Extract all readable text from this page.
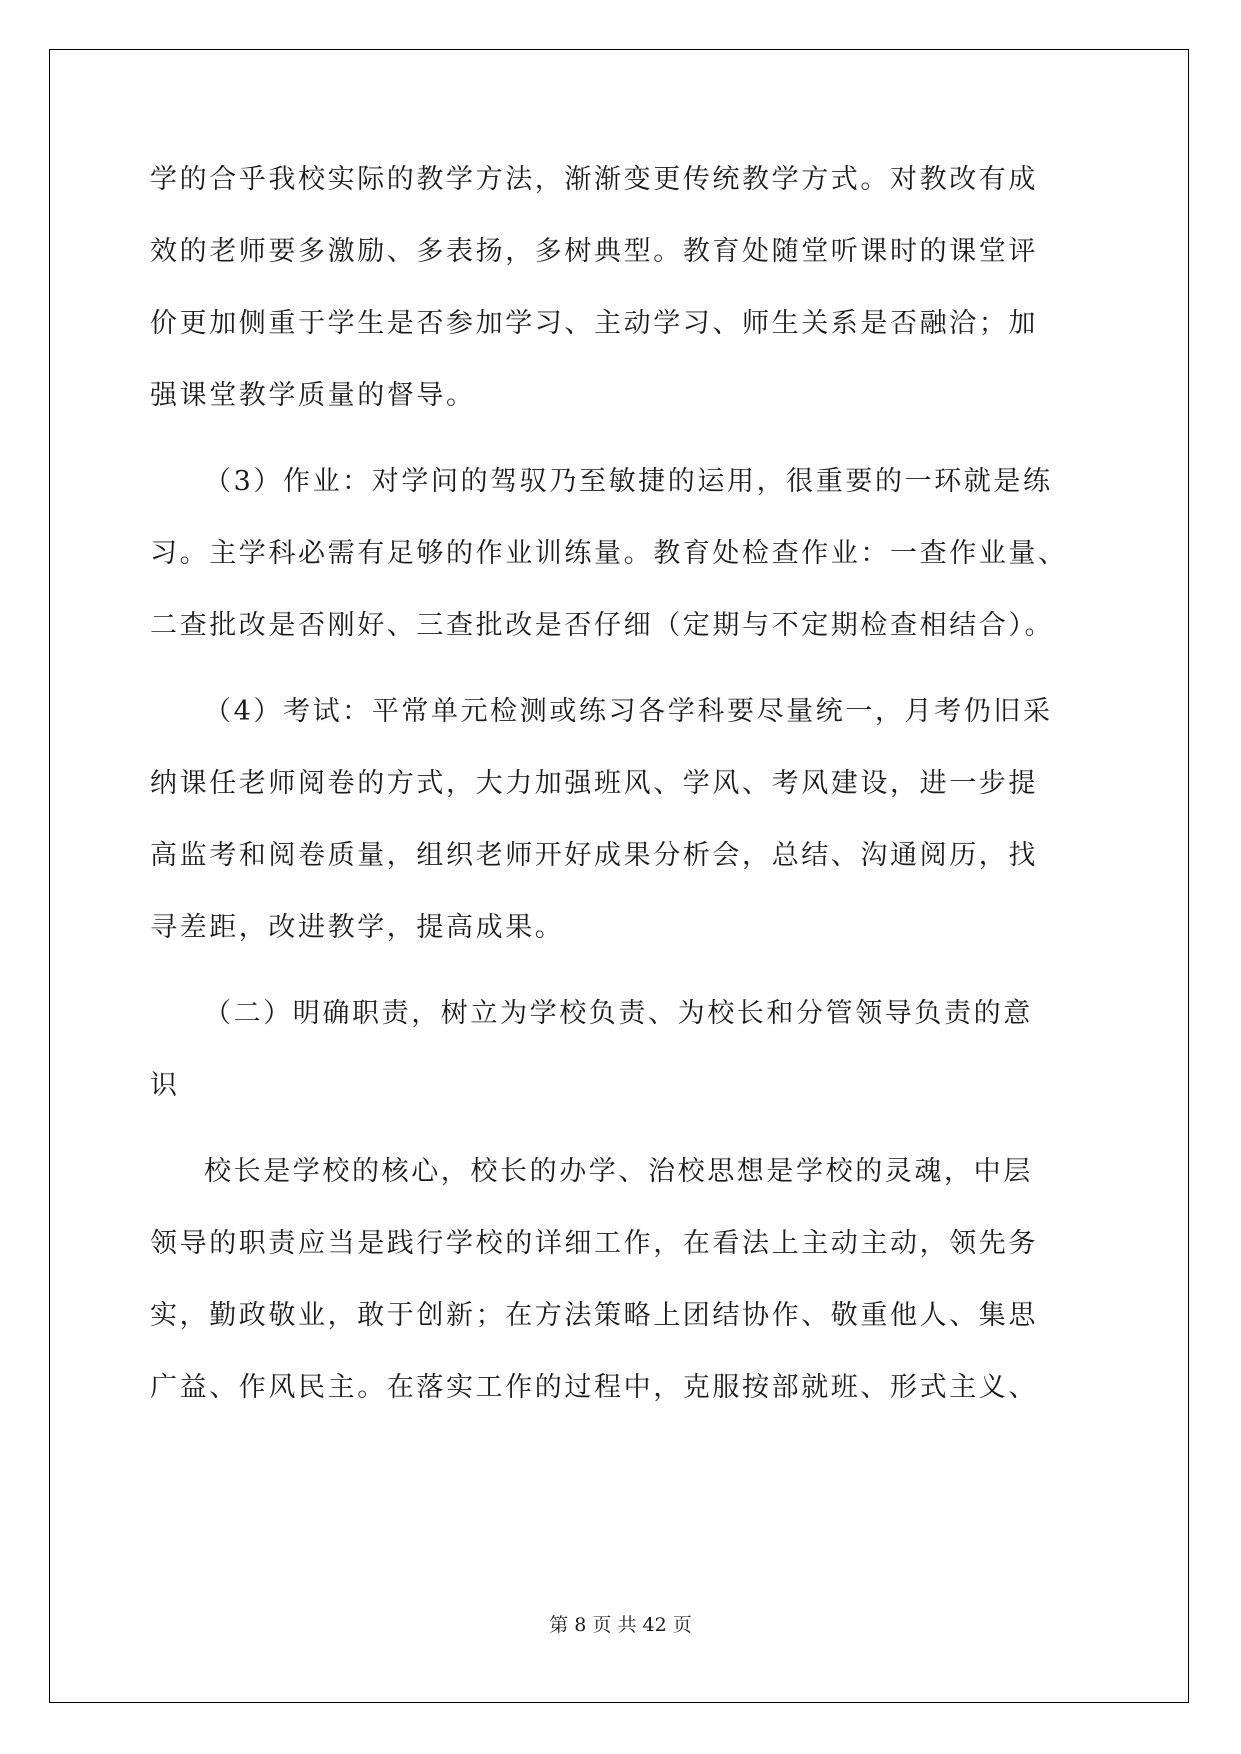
学的合乎我校实际的教学方法，渐渐变更传统教学方式。对教改有成
效的老师要多激励、多表扬，多树典型。教育处随堂听课时的课堂评
价更加侧重于学生是否参加学习、主动学习、师生关系是否融洽；加
强课堂教学质量的督导。
（3）作业：对学问的驾驭乃至敏捷的运用，很重要的一环就是练
习。主学科必需有足够的作业训练量。教育处检查作业：一查作业量、
二查批改是否刚好、三查批改是否仔细（定期与不定期检查相结合）。
（4）考试：平常单元检测或练习各学科要尽量统一，月考仍旧采
纳课任老师阅卷的方式，大力加强班风、学风、考风建设，进一步提
高监考和阅卷质量，组织老师开好成果分析会，总结、沟通阅历，找
寻差距，改进教学，提高成果。
（二）明确职责，树立为学校负责、为校长和分管领导负责的意
识
校长是学校的核心，校长的办学、治校思想是学校的灵魂，中层
领导的职责应当是践行学校的详细工作，在看法上主动主动，领先务
实，勤政敬业，敢于创新；在方法策略上团结协作、敬重他人、集思
广益、作风民主。在落实工作的过程中，克服按部就班、形式主义、
第 8 页 共 42 页
